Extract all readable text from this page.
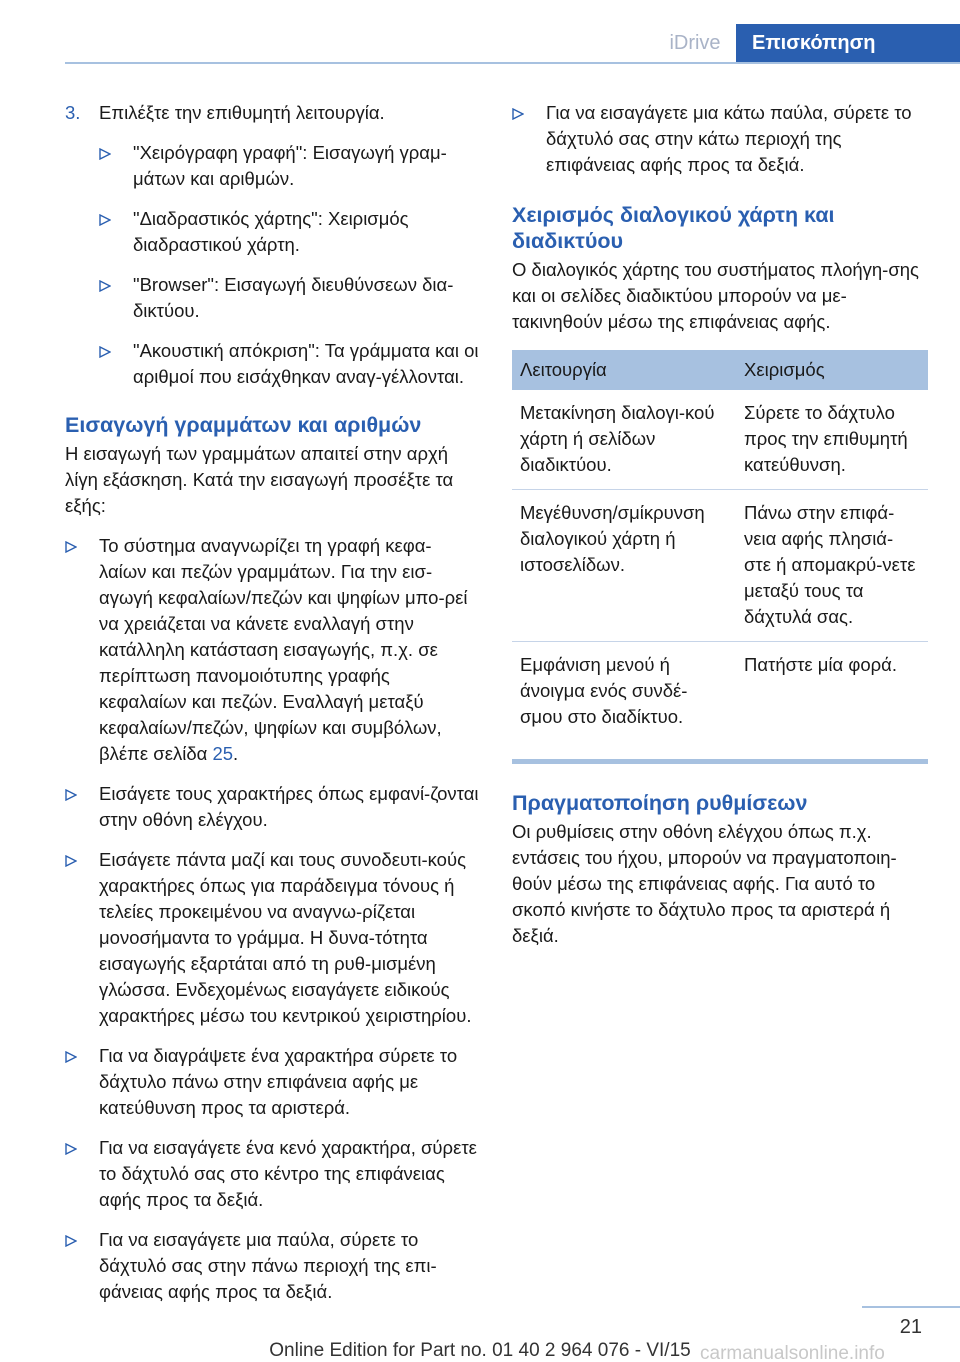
iDrive	Επισκόπηση
3. Επιλέξτε την επιθυμητή λειτουργία.
"Χειρόγραφη γραφή": Εισαγωγή γραμ-μάτων και αριθμών.
"Διαδραστικός χάρτης": Χειρισμός διαδραστικού χάρτη.
"Browser": Εισαγωγή διευθύνσεων δια-δικτύου.
"Ακουστική απόκριση": Τα γράμματα και οι αριθμοί που εισάχθηκαν αναγ-γέλλονται.
Εισαγωγή γραμμάτων και αριθμών
Η εισαγωγή των γραμμάτων απαιτεί στην αρχή λίγη εξάσκηση. Κατά την εισαγωγή προσέξτε τα εξής:
Το σύστημα αναγνωρίζει τη γραφή κεφα-λαίων και πεζών γραμμάτων. Για την εισ-αγωγή κεφαλαίων/πεζών και ψηφίων μπο-ρεί να χρειάζεται να κάνετε εναλλαγή στην κατάλληλη κατάσταση εισαγωγής, π.χ. σε περίπτωση πανομοιότυπης γραφής κεφαλαίων και πεζών. Εναλλαγή μεταξύ κεφαλαίων/πεζών, ψηφίων και συμβόλων, βλέπε σελίδα 25.
Εισάγετε τους χαρακτήρες όπως εμφανί-ζονται στην οθόνη ελέγχου.
Εισάγετε πάντα μαζί και τους συνοδευτι-κούς χαρακτήρες όπως για παράδειγμα τόνους ή τελείες προκειμένου να αναγνω-ρίζεται μονοσήμαντα το γράμμα. Η δυνα-τότητα εισαγωγής εξαρτάται από τη ρυθ-μισμένη γλώσσα. Ενδεχομένως εισαγάγετε ειδικούς χαρακτήρες μέσω του κεντρικού χειριστηρίου.
Για να διαγράψετε ένα χαρακτήρα σύρετε το δάχτυλο πάνω στην επιφάνεια αφής με κατεύθυνση προς τα αριστερά.
Για να εισαγάγετε ένα κενό χαρακτήρα, σύρετε το δάχτυλό σας στο κέντρο της επιφάνειας αφής προς τα δεξιά.
Για να εισαγάγετε μια παύλα, σύρετε το δάχτυλό σας στην πάνω περιοχή της επι-φάνειας αφής προς τα δεξιά.
Για να εισαγάγετε μια κάτω παύλα, σύρετε το δάχτυλό σας στην κάτω περιοχή της επιφάνειας αφής προς τα δεξιά.
Χειρισμός διαλογικού χάρτη και διαδικτύου
Ο διαλογικός χάρτης του συστήματος πλοήγη-σης και οι σελίδες διαδικτύου μπορούν να με-τακινηθούν μέσω της επιφάνειας αφής.
Λειτουργία	Χειρισμός
Μετακίνηση διαλογι-κού χάρτη ή σελίδων διαδικτύου.	Σύρετε το δάχτυλο προς την επιθυμητή κατεύθυνση.
Μεγέθυνση/σμίκρυνση διαλογικού χάρτη ή ιστοσελίδων.	Πάνω στην επιφά-νεια αφής πλησιά-στε ή απομακρύ-νετε μεταξύ τους τα δάχτυλά σας.
Εμφάνιση μενού ή άνοιγμα ενός συνδέ-σμου στο διαδίκτυο.	Πατήστε μία φορά.
Πραγματοποίηση ρυθμίσεων
Οι ρυθμίσεις στην οθόνη ελέγχου όπως π.χ. εντάσεις του ήχου, μπορούν να πραγματοποιη-θούν μέσω της επιφάνειας αφής. Για αυτό το σκοπό κινήστε το δάχτυλο προς τα αριστερά ή δεξιά.
21
Online Edition for Part no. 01 40 2 964 076 - VI/15 carmanualsonline.info
